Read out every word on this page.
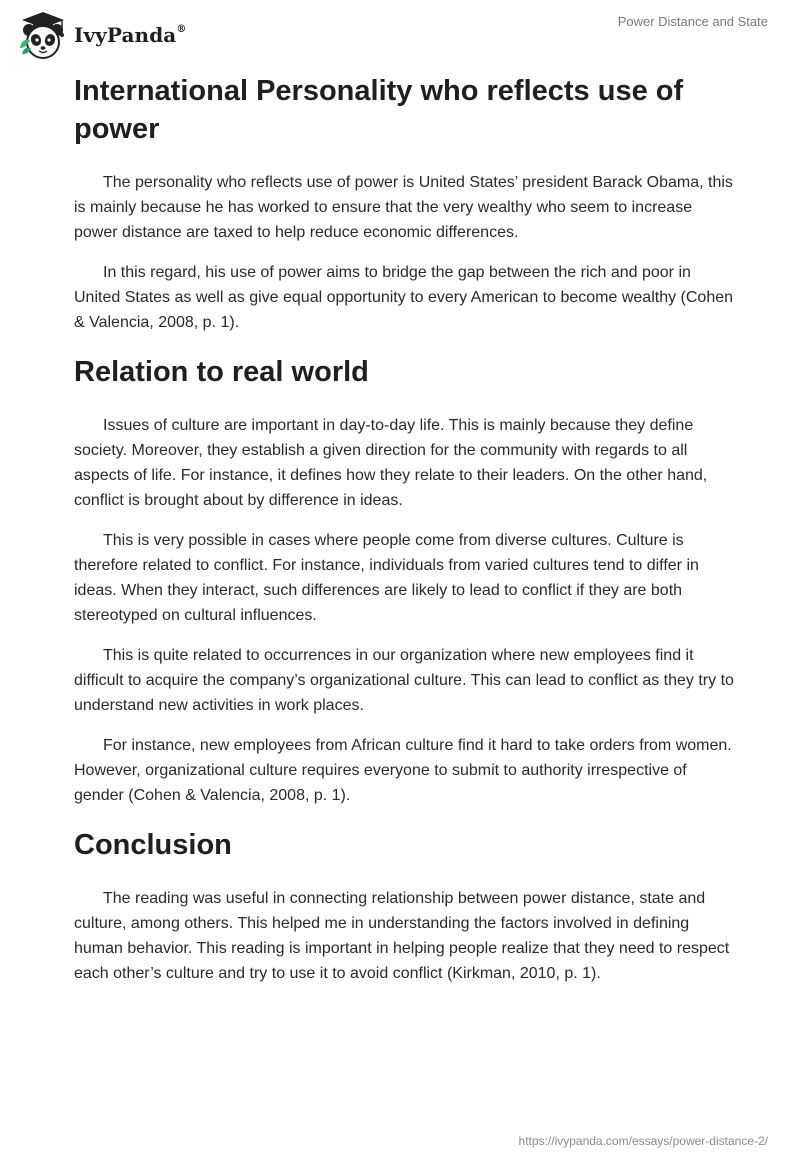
IvyPanda®
Power Distance and State
International Personality who reflects use of power

The personality who reflects use of power is United States’ president Barack Obama, this is mainly because he has worked to ensure that the very wealthy who seem to increase power distance are taxed to help reduce economic differences.

In this regard, his use of power aims to bridge the gap between the rich and poor in United States as well as give equal opportunity to every American to become wealthy (Cohen & Valencia, 2008, p. 1).

Relation to real world

Issues of culture are important in day-to-day life. This is mainly because they define society. Moreover, they establish a given direction for the community with regards to all aspects of life. For instance, it defines how they relate to their leaders. On the other hand, conflict is brought about by difference in ideas.

This is very possible in cases where people come from diverse cultures. Culture is therefore related to conflict. For instance, individuals from varied cultures tend to differ in ideas. When they interact, such differences are likely to lead to conflict if they are both stereotyped on cultural influences.

This is quite related to occurrences in our organization where new employees find it difficult to acquire the company’s organizational culture. This can lead to conflict as they try to understand new activities in work places.

For instance, new employees from African culture find it hard to take orders from women. However, organizational culture requires everyone to submit to authority irrespective of gender (Cohen & Valencia, 2008, p. 1).

Conclusion

The reading was useful in connecting relationship between power distance, state and culture, among others. This helped me in understanding the factors involved in defining human behavior. This reading is important in helping people realize that they need to respect each other’s culture and try to use it to avoid conflict (Kirkman, 2010, p. 1).

https://ivypanda.com/essays/power-distance-2/
